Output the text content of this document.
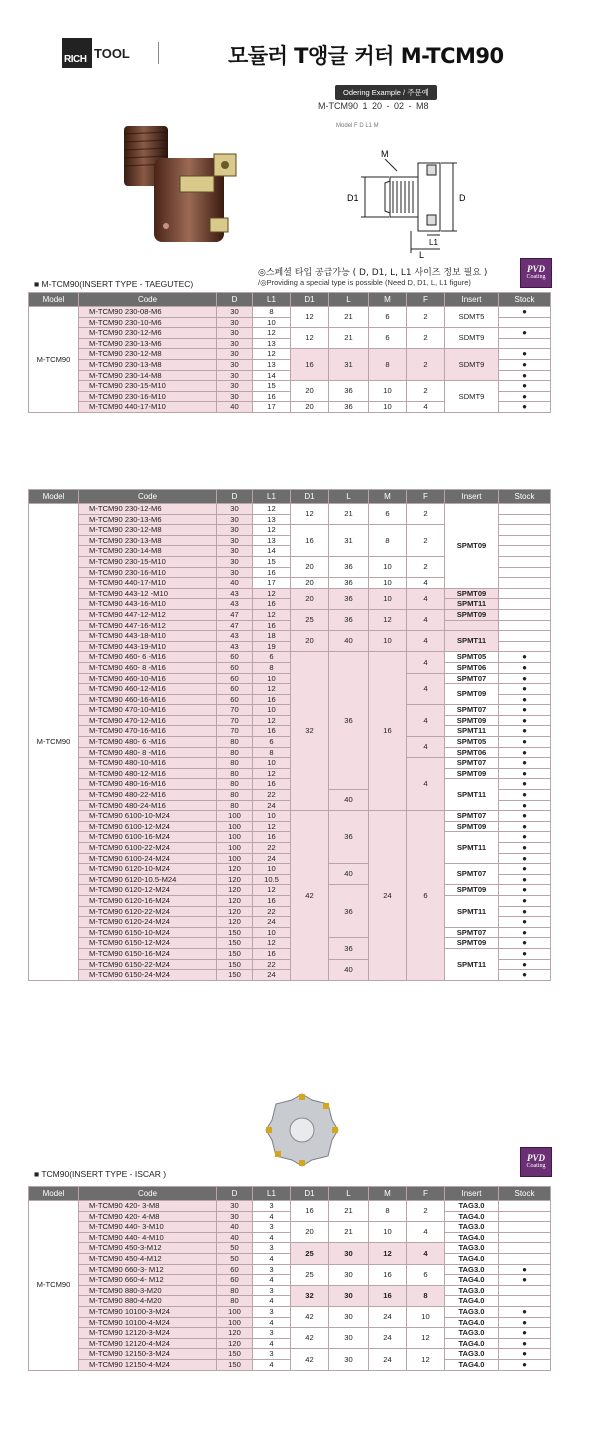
RICH TOOL	모듈러 T앵글 커터 M-TCM90
Odering Example / 주문예
M-TCM90 1 20 - 02 - M8
Model F D L1 M
M
D1	D
L
L1
◎스페셜 타입 공급가능 ( D, D1, L, L1 사이즈 정보 필요 )
/◎Providing a special type is possible (Need D, D1, L, L1 figure)
PVD
Coating
■ M-TCM90(INSERT TYPE - TAEGUTEC)
Model	Code	D	L1	D1	L	M	F	Insert	Stock
M-TCM90	M-TCM90 230-08-M6	30	8	12	21	6	2	SDMT5	●
	M-TCM90 230-10-M6	30	10						
	M-TCM90 230-12-M6	30	12	12	21	6	2	SDMT9	●
	M-TCM90 230-13-M6	30	13						
	M-TCM90 230-12-M8	30	12	16	31	8	2	SDMT9	●
	M-TCM90 230-13-M8	30	13						●
	M-TCM90 230-14-M8	30	14						●
	M-TCM90 230-15-M10	30	15	20	36	10	2	SDMT9	●
	M-TCM90 230-16-M10	30	16						●
	M-TCM90 440-17-M10	40	17	20	36	10	4		●
Model	Code	D	L1	D1	L	M	F	Insert	Stock
M-TCM90	M-TCM90 230-12-M6	30	12	12	21	6	2	SPMT09	
	M-TCM90 230-13-M6	30	13						
	M-TCM90 230-12-M8	30	12	16	31	8	2		
	M-TCM90 230-13-M8	30	13						
	M-TCM90 230-14-M8	30	14						
	M-TCM90 230-15-M10	30	15	20	36	10	2		
	M-TCM90 230-16-M10	30	16						
	M-TCM90 440-17-M10	40	17	20	36	10	4		
	M-TCM90 443-12 -M10	43	12	20	36	10	4	SPMT09	
	M-TCM90 443-16-M10	43	16					SPMT11	
	M-TCM90 447-12-M12	47	12	25	36	12	4	SPMT09	
	M-TCM90 447-16-M12	47	16						
	M-TCM90 443-18-M10	43	18	20	40	10	4	SPMT11	
	M-TCM90 443-19-M10	43	19						
	M-TCM90 460- 6 -M16	60	6	32	36	16	4	SPMT05	●
	M-TCM90 460- 8 -M16	60	8					SPMT06	●
	M-TCM90 460-10-M16	60	10				4	SPMT07	●
	M-TCM90 460-12-M16	60	12					SPMT09	●
	M-TCM90 460-16-M16	60	16						●
	M-TCM90 470-10-M16	70	10				4	SPMT07	●
	M-TCM90 470-12-M16	70	12					SPMT09	●
	M-TCM90 470-16-M16	70	16					SPMT11	●
	M-TCM90 480- 6 -M16	80	6				4	SPMT05	●
	M-TCM90 480- 8 -M16	80	8					SPMT06	●
	M-TCM90 480-10-M16	80	10				4	SPMT07	●
	M-TCM90 480-12-M16	80	12					SPMT09	●
	M-TCM90 480-16-M16	80	16					SPMT11	●
	M-TCM90 480-22-M16	80	22		40				●
	M-TCM90 480-24-M16	80	24						●
	M-TCM90 6100-10-M24	100	10	42	36	24	6	SPMT07	●
	M-TCM90 6100-12-M24	100	12					SPMT09	●
	M-TCM90 6100-16-M24	100	16					SPMT11	●
	M-TCM90 6100-22-M24	100	22						●
	M-TCM90 6100-24-M24	100	24						●
	M-TCM90 6120-10-M24	120	10		40			SPMT07	●
	M-TCM90 6120-10.5-M24	120	10.5						●
	M-TCM90 6120-12-M24	120	12		36			SPMT09	●
	M-TCM90 6120-16-M24	120	16					SPMT11	●
	M-TCM90 6120-22-M24	120	22						●
	M-TCM90 6120-24-M24	120	24						●
	M-TCM90 6150-10-M24	150	10					SPMT07	●
	M-TCM90 6150-12-M24	150	12		36			SPMT09	●
	M-TCM90 6150-16-M24	150	16					SPMT11	●
	M-TCM90 6150-22-M24	150	22		40				●
	M-TCM90 6150-24-M24	150	24						●
PVD
Coating
■ TCM90(INSERT TYPE - ISCAR )
Model	Code	D	L1	D1	L	M	F	Insert	Stock
M-TCM90	M-TCM90 420- 3-M8	30	3	16	21	8	2	TAG3.0	
	M-TCM90 420- 4-M8	30	4					TAG4.0	
	M-TCM90 440- 3-M10	40	3	20	21	10	4	TAG3.0	
	M-TCM90 440- 4-M10	40	4					TAG4.0	
	M-TCM90 450-3-M12	50	3	25	30	12	4	TAG3.0	
	M-TCM90 450-4-M12	50	4					TAG4.0	
	M-TCM90 660-3- M12	60	3	25	30	16	6	TAG3.0	●
	M-TCM90 660-4- M12	60	4					TAG4.0	●
	M-TCM90 880-3-M20	80	3	32	30	16	8	TAG3.0	
	M-TCM90 880-4-M20	80	4					TAG4.0	
	M-TCM90 10100-3-M24	100	3	42	30	24	10	TAG3.0	●
	M-TCM90 10100-4-M24	100	4					TAG4.0	●
	M-TCM90 12120-3-M24	120	3	42	30	24	12	TAG3.0	●
	M-TCM90 12120-4-M24	120	4					TAG4.0	●
	M-TCM90 12150-3-M24	150	3	42	30	24	12	TAG3.0	●
	M-TCM90 12150-4-M24	150	4					TAG4.0	●
